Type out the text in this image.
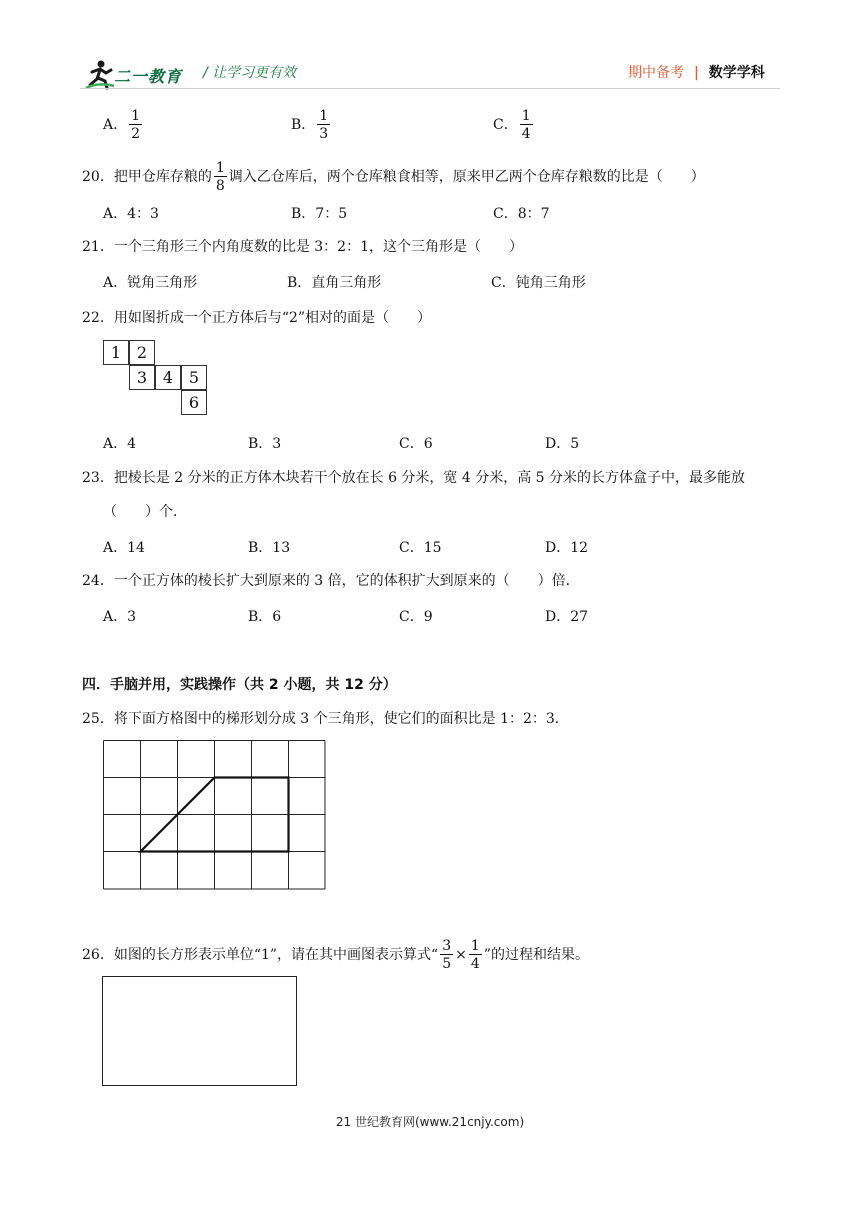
二一教育 / 让学习更有效	期中备考 | 数学学科
A． $\frac{1}{2}$	B． $\frac{1}{3}$	C． $\frac{1}{4}$
20．把甲仓库存粮的 $\frac{1}{8}$ 调入乙仓库后，两个仓库粮食相等，原来甲乙两个仓库存粮数的比是（　　）
A．4：3	B．7：5	C．8：7
21．一个三角形三个内角度数的比是 3：2：1，这个三角形是（　　）
A．锐角三角形	B．直角三角形	C．钝角三角形
22．用如图折成一个正方体后与“2”相对的面是（　　）
1 2
3 4 5
6
A．4	B．3	C．6	D．5
23．把棱长是 2 分米的正方体木块若干个放在长 6 分米，宽 4 分米，高 5 分米的长方体盒子中，最多能放
（　　）个．
A．14	B．13	C．15	D．12
24．一个正方体的棱长扩大到原来的 3 倍，它的体积扩大到原来的（　　）倍．
A．3	B．6	C．9	D．27
四．手脑并用，实践操作（共 2 小题，共 12 分）
25．将下面方格图中的梯形划分成 3 个三角形，使它们的面积比是 1：2：3．
26．如图的长方形表示单位“1”，请在其中画图表示算式“ $\frac{3}{5} \times \frac{1}{4}$ ”的过程和结果。
21 世纪教育网(www.21cnjy.com)
